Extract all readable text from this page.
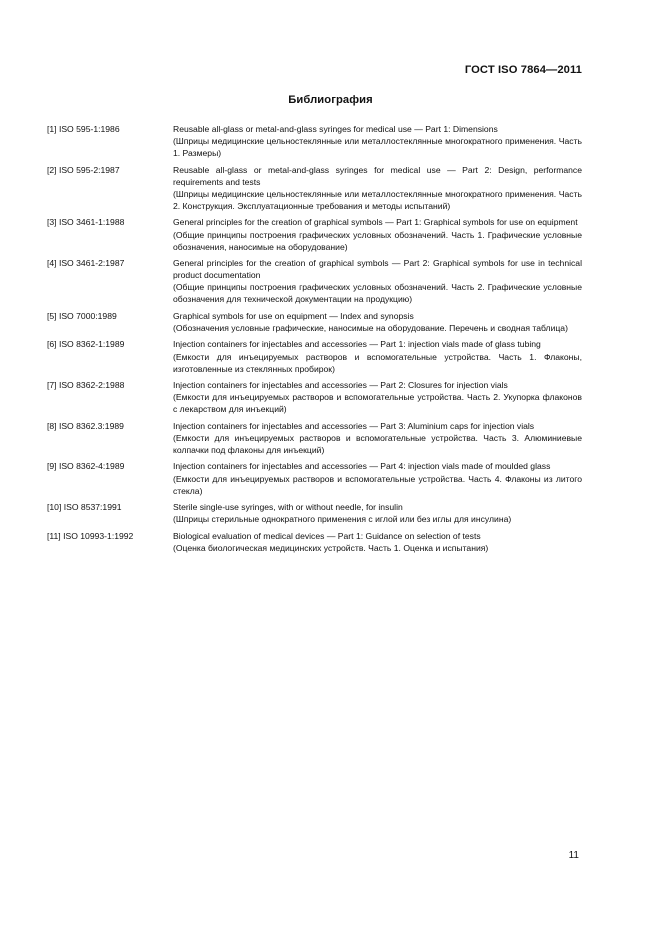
ГОСТ ISO 7864—2011
Библиография
[1] ISO 595-1:1986	Reusable all-glass or metal-and-glass syringes for medical use — Part 1: Dimensions

(Шприцы медицинские цельностеклянные или металлостеклянные многократного применения. Часть 1. Размеры)

[2] ISO 595-2:1987	Reusable all-glass or metal-and-glass syringes for medical use — Part 2: Design, performance requirements and tests

(Шприцы медицинские цельностеклянные или металлостеклянные многократного применения. Часть 2. Конструкция. Эксплуатационные требования и методы испытаний)

[3] ISO 3461-1:1988	General principles for the creation of graphical symbols — Part 1: Graphical symbols for use on equipment

(Общие принципы построения графических условных обозначений. Часть 1. Графические условные обозначения, наносимые на оборудование)

[4] ISO 3461-2:1987	General principles for the creation of graphical symbols — Part 2: Graphical symbols for use in technical product documentation

(Общие принципы построения графических условных обозначений. Часть 2. Графические условные обозначения для технической документации на продукцию)

[5] ISO 7000:1989	Graphical symbols for use on equipment — Index and synopsis

(Обозначения условные графические, наносимые на оборудование. Перечень и сводная таблица)

[6] ISO 8362-1:1989	Injection containers for injectables and accessories — Part 1: injection vials made of glass tubing

(Емкости для инъецируемых растворов и вспомогательные устройства. Часть 1. Флаконы, изготовленные из стеклянных пробирок)

[7] ISO 8362-2:1988	Injection containers for injectables and accessories — Part 2: Closures for injection vials

(Емкости для инъецируемых растворов и вспомогательные устройства. Часть 2. Укупорка флаконов с лекарством для инъекций)

[8] ISO 8362.3:1989	Injection containers for injectables and accessories — Part 3: Aluminium caps for injection vials

(Емкости для инъецируемых растворов и вспомогательные устройства. Часть 3. Алюминиевые колпачки под флаконы для инъекций)

[9] ISO 8362-4:1989	Injection containers for injectables and accessories — Part 4: injection vials made of moulded glass

(Емкости для инъецируемых растворов и вспомогательные устройства. Часть 4. Флаконы из литого стекла)

[10] ISO 8537:1991	Sterile single-use syringes, with or without needle, for insulin

(Шприцы стерильные однократного применения с иглой или без иглы для инсулина)

[11] ISO 10993-1:1992	Biological evaluation of medical devices — Part 1: Guidance on selection of tests

(Оценка биологическая медицинских устройств. Часть 1. Оценка и испытания)

11
